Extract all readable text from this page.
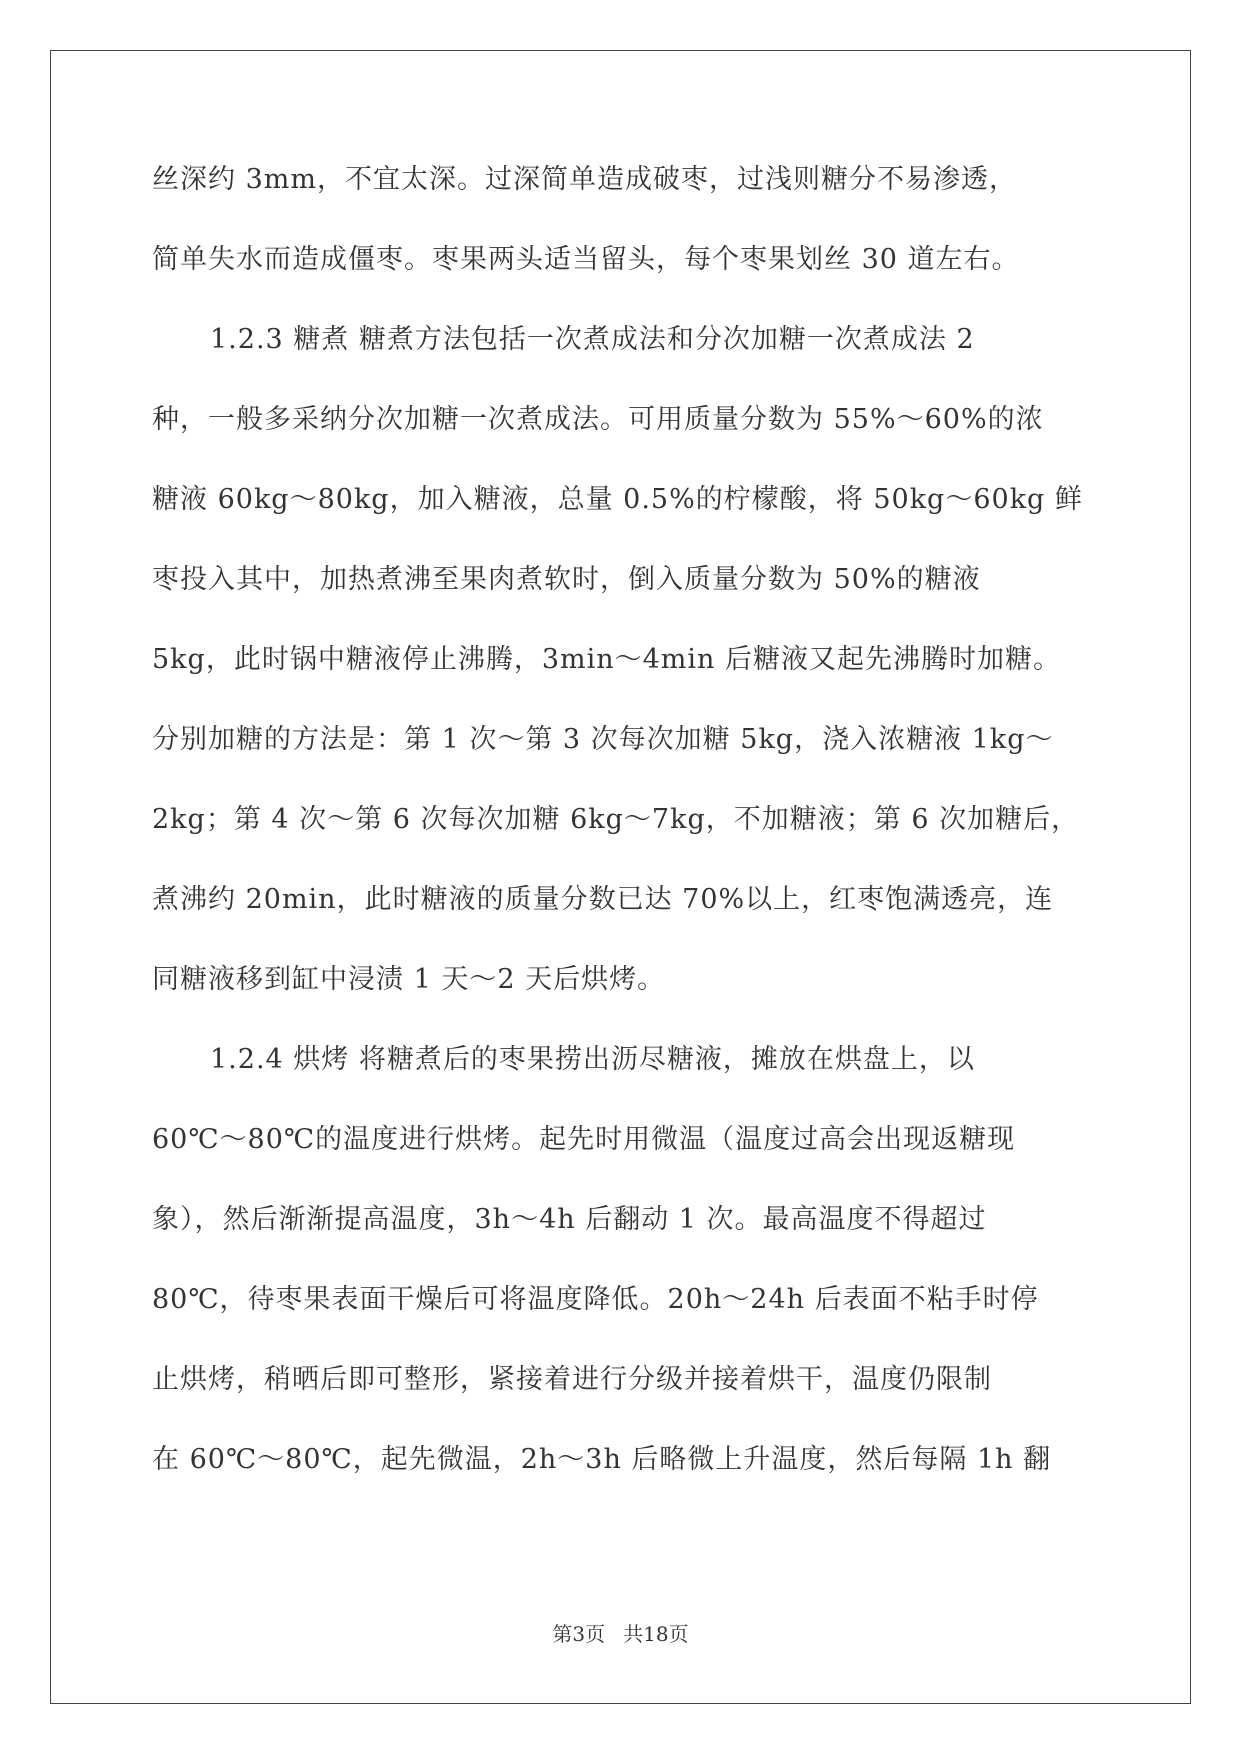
丝深约 3mm，不宜太深。过深简单造成破枣，过浅则糖分不易渗透，
简单失水而造成僵枣。枣果两头适当留头，每个枣果划丝 30 道左右。
1.2.3 糖煮 糖煮方法包括一次煮成法和分次加糖一次煮成法 2
种，一般多采纳分次加糖一次煮成法。可用质量分数为 55%～60%的浓
糖液 60kg～80kg，加入糖液，总量 0.5%的柠檬酸，将 50kg～60kg 鲜
枣投入其中，加热煮沸至果肉煮软时，倒入质量分数为 50%的糖液
5kg，此时锅中糖液停止沸腾，3min～4min 后糖液又起先沸腾时加糖。
分别加糖的方法是：第 1 次～第 3 次每次加糖 5kg，浇入浓糖液 1kg～
2kg；第 4 次～第 6 次每次加糖 6kg～7kg，不加糖液；第 6 次加糖后，
煮沸约 20min，此时糖液的质量分数已达 70%以上，红枣饱满透亮，连
同糖液移到缸中浸渍 1 天～2 天后烘烤。
1.2.4 烘烤 将糖煮后的枣果捞出沥尽糖液，摊放在烘盘上，以
60℃～80℃的温度进行烘烤。起先时用微温（温度过高会出现返糖现
象），然后渐渐提高温度，3h～4h 后翻动 1 次。最高温度不得超过
80℃，待枣果表面干燥后可将温度降低。20h～24h 后表面不粘手时停
止烘烤，稍晒后即可整形，紧接着进行分级并接着烘干，温度仍限制
在 60℃～80℃，起先微温，2h～3h 后略微上升温度，然后每隔 1h 翻
第3页 共18页
